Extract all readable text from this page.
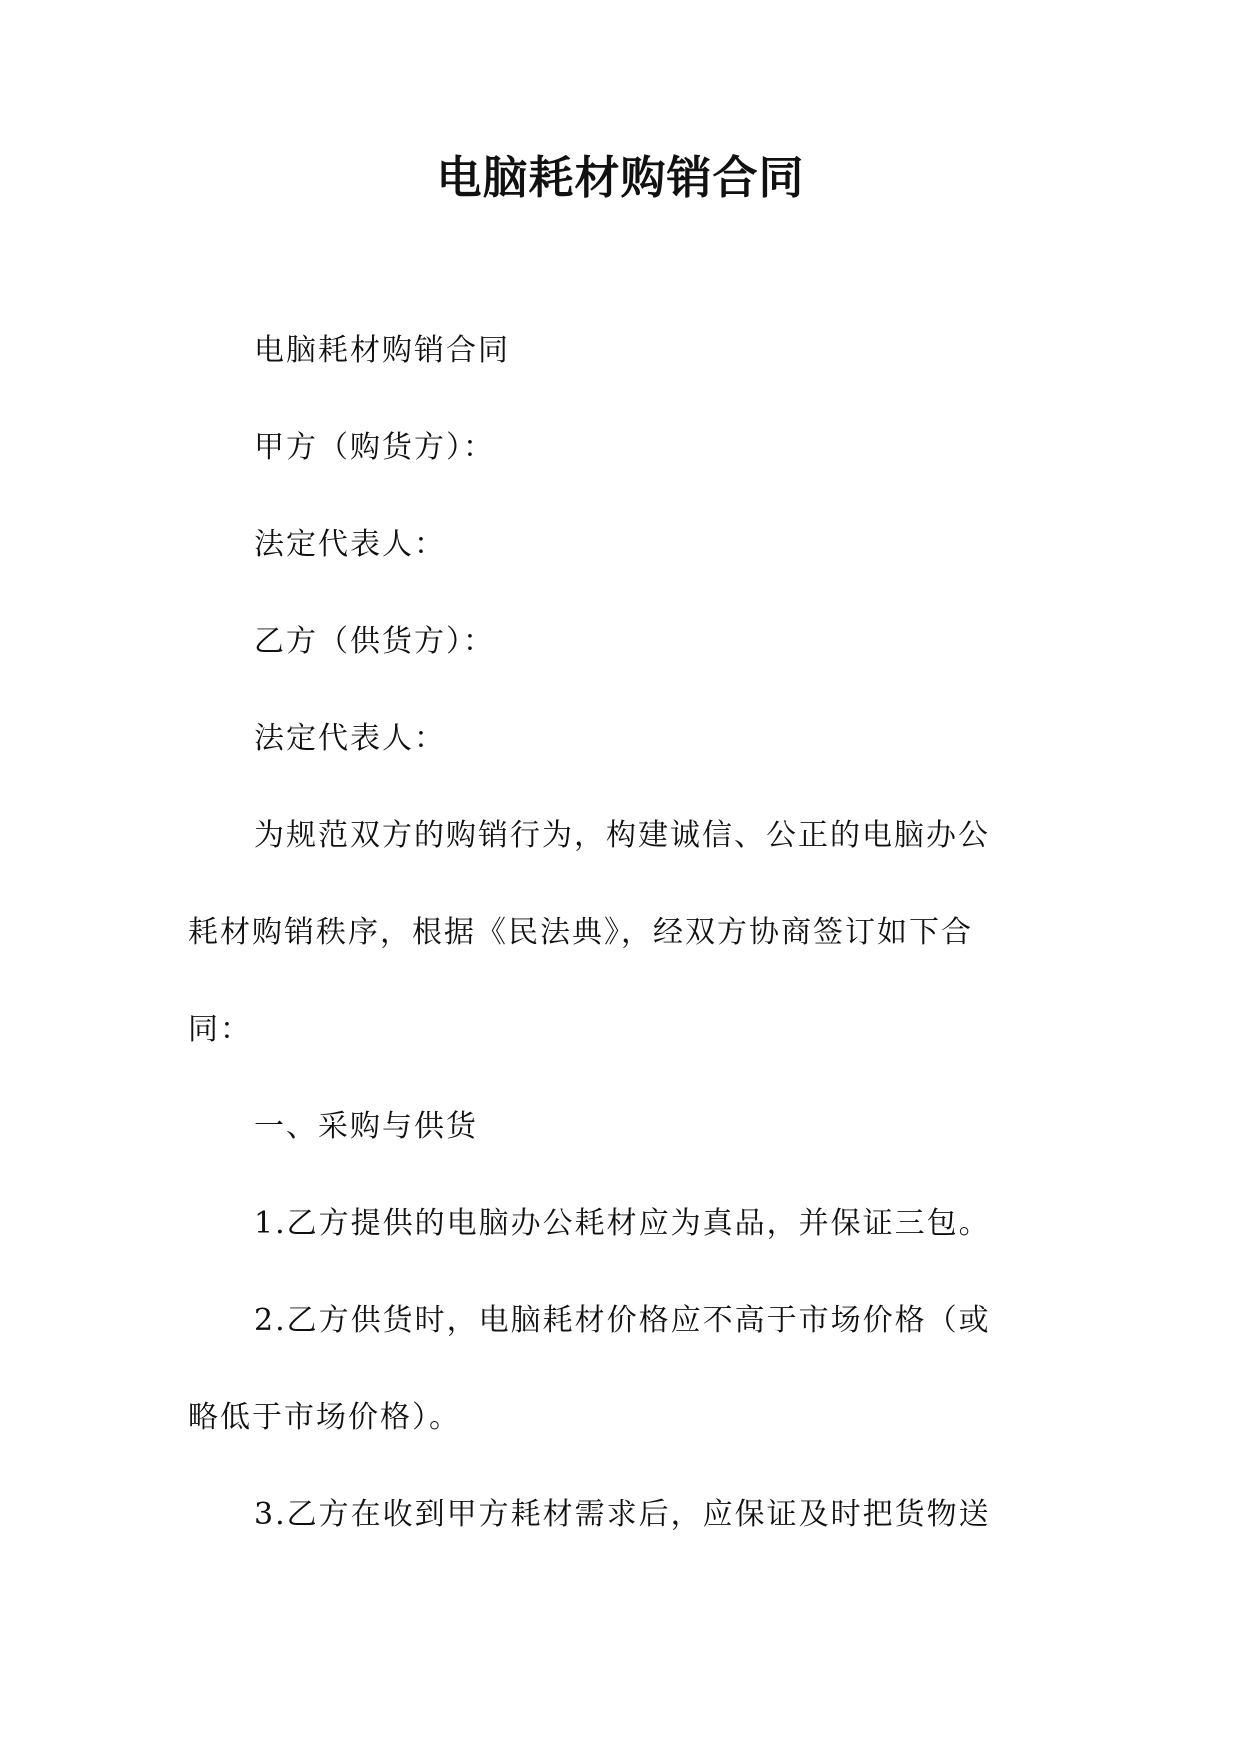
电脑耗材购销合同

电脑耗材购销合同

甲方（购货方）：

法定代表人：

乙方（供货方）：

法定代表人：

为规范双方的购销行为，构建诚信、公正的电脑办公耗材购销秩序，根据《民法典》，经双方协商签订如下合同：

一、采购与供货

1.乙方提供的电脑办公耗材应为真品，并保证三包。

2.乙方供货时，电脑耗材价格应不高于市场价格（或略低于市场价格）。

3.乙方在收到甲方耗材需求后，应保证及时把货物送
